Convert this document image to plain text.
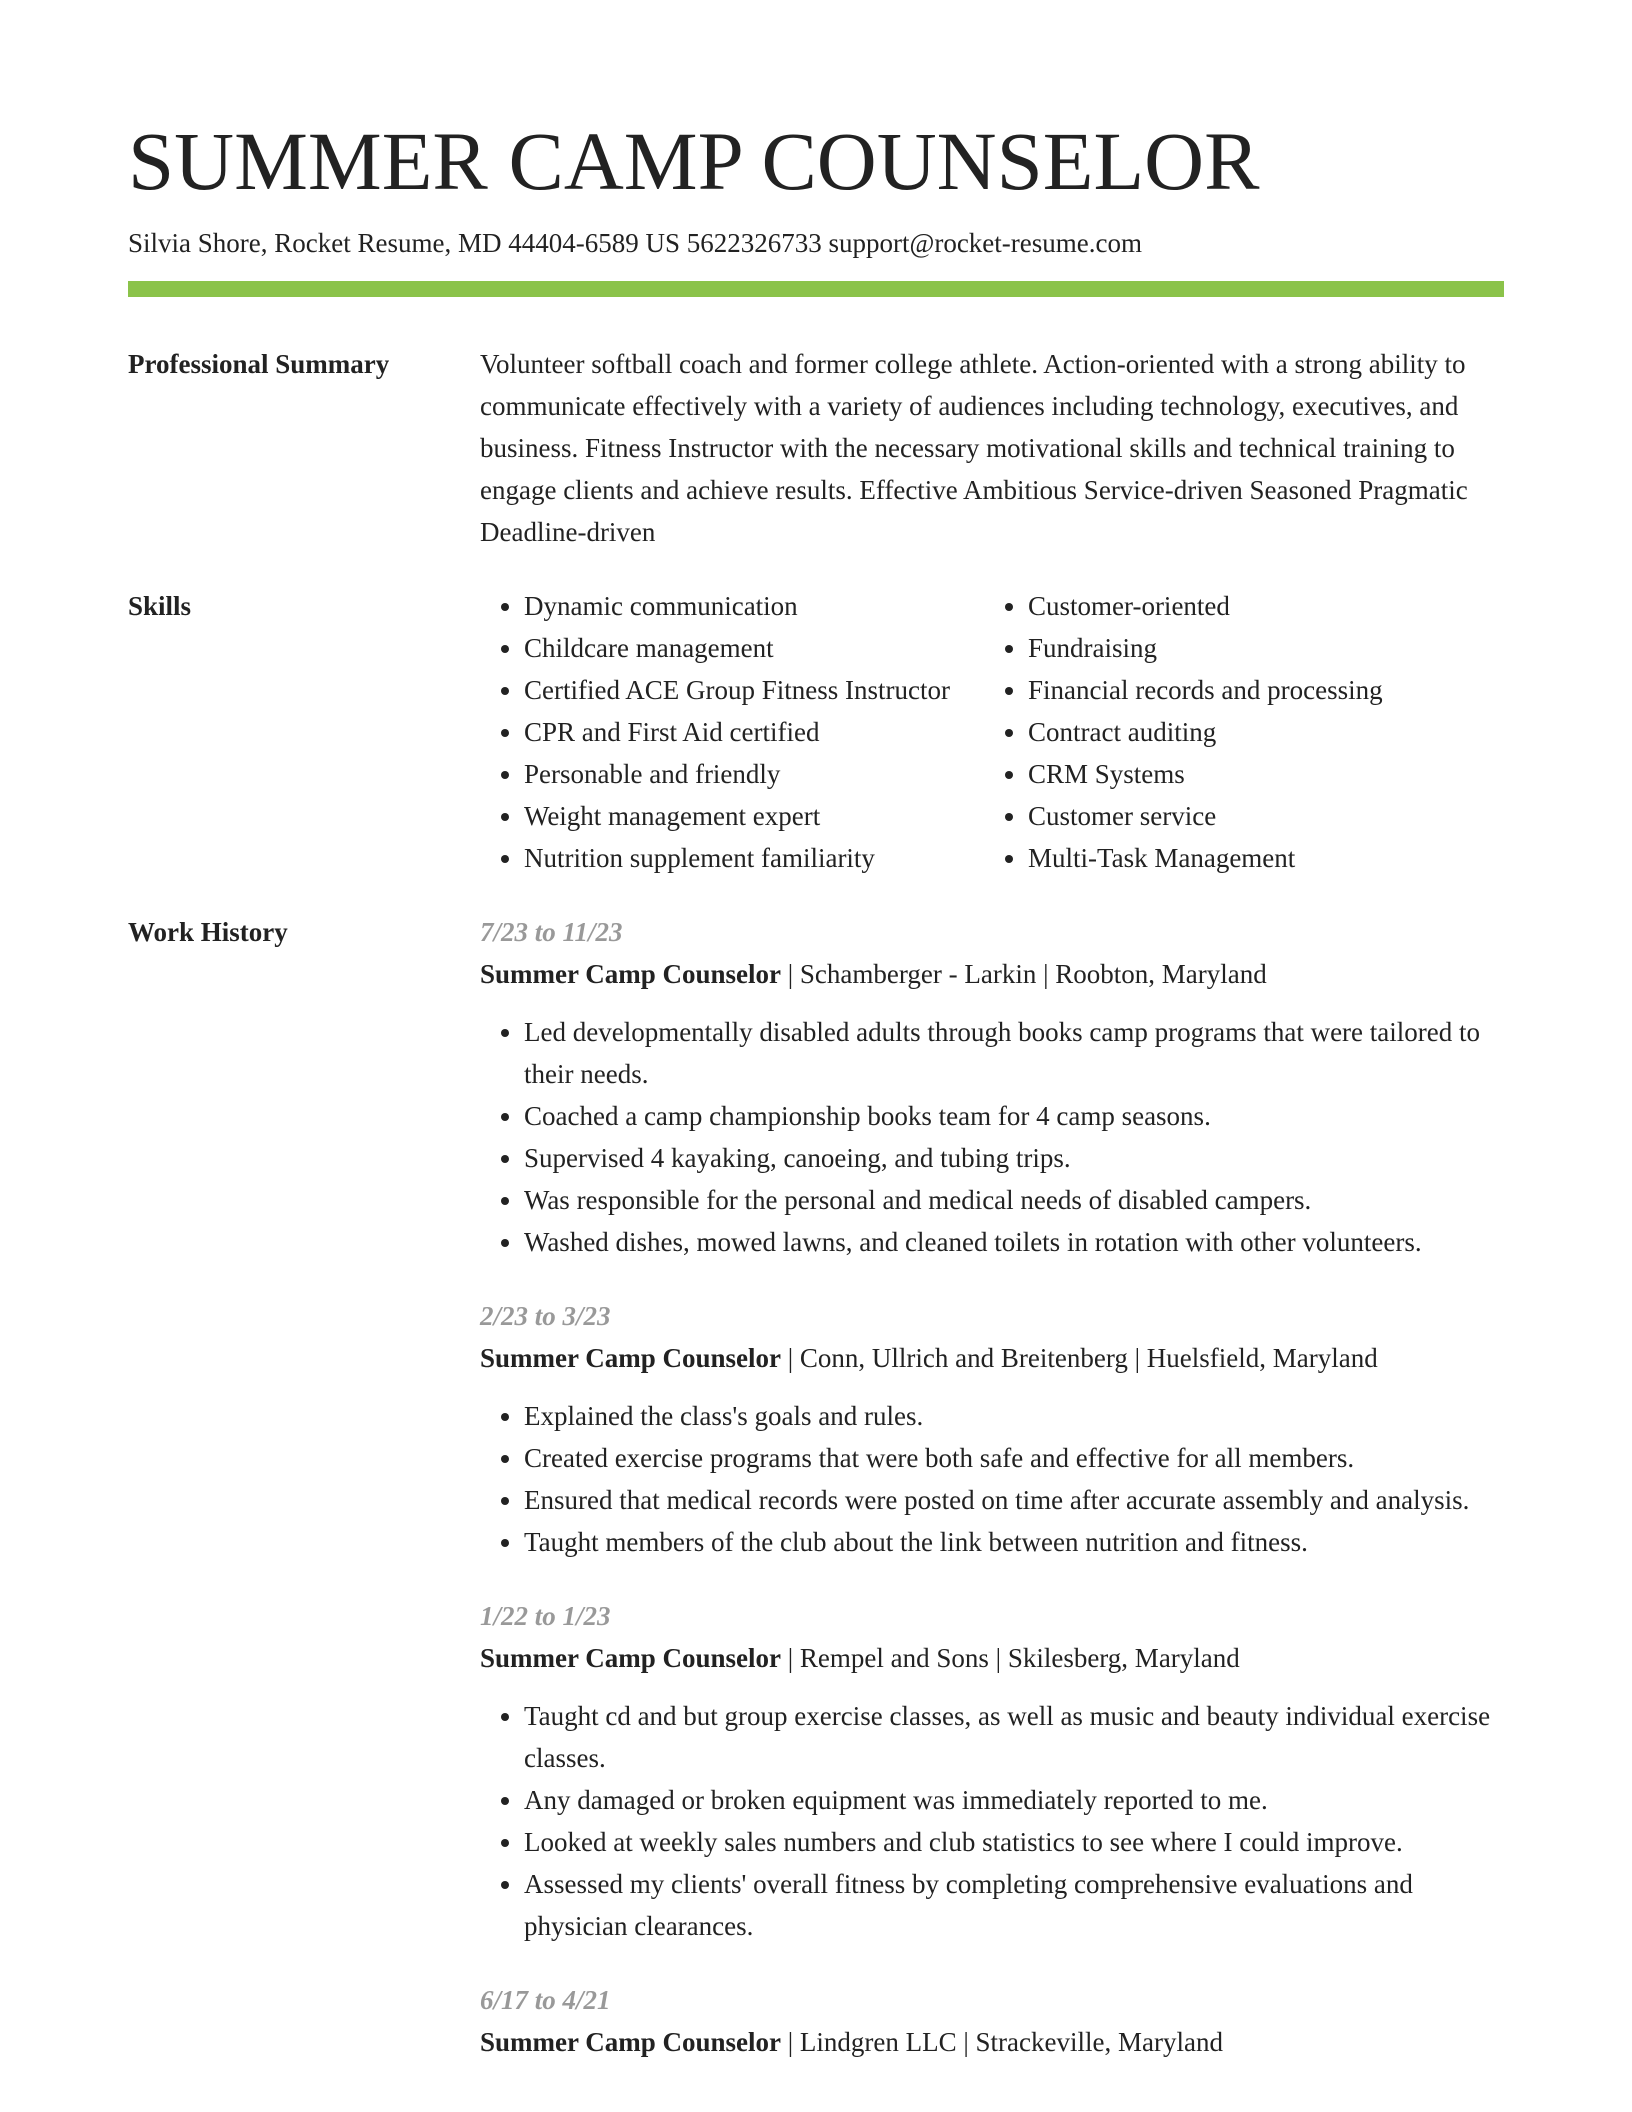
SUMMER CAMP COUNSELOR
Silvia Shore, Rocket Resume, MD 44404-6589 US 5622326733 support@rocket-resume.com
Professional Summary	Volunteer softball coach and former college athlete. Action-oriented with a strong ability to communicate effectively with a variety of audiences including technology, executives, and business. Fitness Instructor with the necessary motivational skills and technical training to engage clients and achieve results. Effective Ambitious Service-driven Seasoned Pragmatic Deadline-driven
Skills
•	Dynamic communication
• Childcare management
• Certified ACE Group Fitness Instructor
• CPR and First Aid certified
• Personable and friendly
• Weight management expert
• Nutrition supplement familiarity
• Customer-oriented
• Fundraising
• Financial records and processing
• Contract auditing
• CRM Systems
• Customer service
• Multi-Task Management
Work History	7/23 to 11/23
Summer Camp Counselor | Schamberger - Larkin | Roobton, Maryland
• Led developmentally disabled adults through books camp programs that were tailored to their needs.
• Coached a camp championship books team for 4 camp seasons.
• Supervised 4 kayaking, canoeing, and tubing trips.
• Was responsible for the personal and medical needs of disabled campers.
• Washed dishes, mowed lawns, and cleaned toilets in rotation with other volunteers.
2/23 to 3/23
Summer Camp Counselor | Conn, Ullrich and Breitenberg | Huelsfield, Maryland
• Explained the class's goals and rules.
• Created exercise programs that were both safe and effective for all members.
• Ensured that medical records were posted on time after accurate assembly and analysis.
• Taught members of the club about the link between nutrition and fitness.
1/22 to 1/23
Summer Camp Counselor | Rempel and Sons | Skilesberg, Maryland
• Taught cd and but group exercise classes, as well as music and beauty individual exercise classes.
• Any damaged or broken equipment was immediately reported to me.
• Looked at weekly sales numbers and club statistics to see where I could improve.
• Assessed my clients' overall fitness by completing comprehensive evaluations and physician clearances.
6/17 to 4/21
Summer Camp Counselor | Lindgren LLC | Strackeville, Maryland
